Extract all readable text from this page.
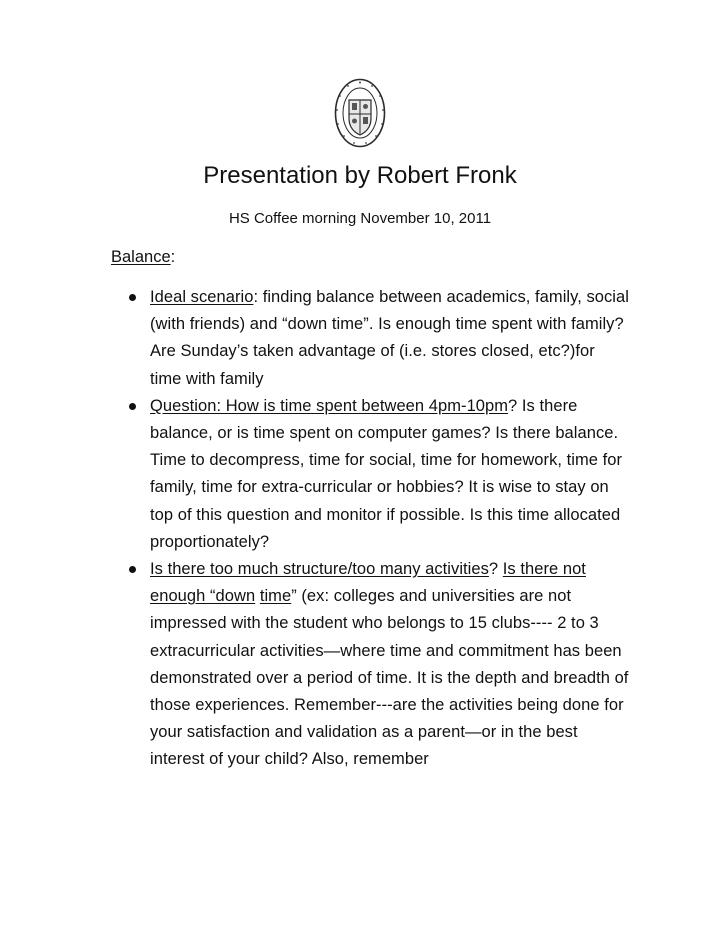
Presentation by Robert Fronk
HS Coffee morning November 10, 2011
Balance:
Ideal scenario: finding balance between academics, family, social (with friends) and “down time”. Is enough time spent with family? Are Sunday’s taken advantage of (i.e. stores closed, etc?)for time with family
Question: How is time spent between 4pm-10pm? Is there balance, or is time spent on computer games? Is there balance. Time to decompress, time for social, time for homework, time for family, time for extra-curricular or hobbies? It is wise to stay on top of this question and monitor if possible. Is this time allocated proportionately?
Is there too much structure/too many activities? Is there not enough “down time” (ex: colleges and universities are not impressed with the student who belongs to 15 clubs---- 2 to 3 extracurricular activities—where time and commitment has been demonstrated over a period of time. It is the depth and breadth of those experiences. Remember---are the activities being done for your satisfaction and validation as a parent—or in the best interest of your child? Also, remember
